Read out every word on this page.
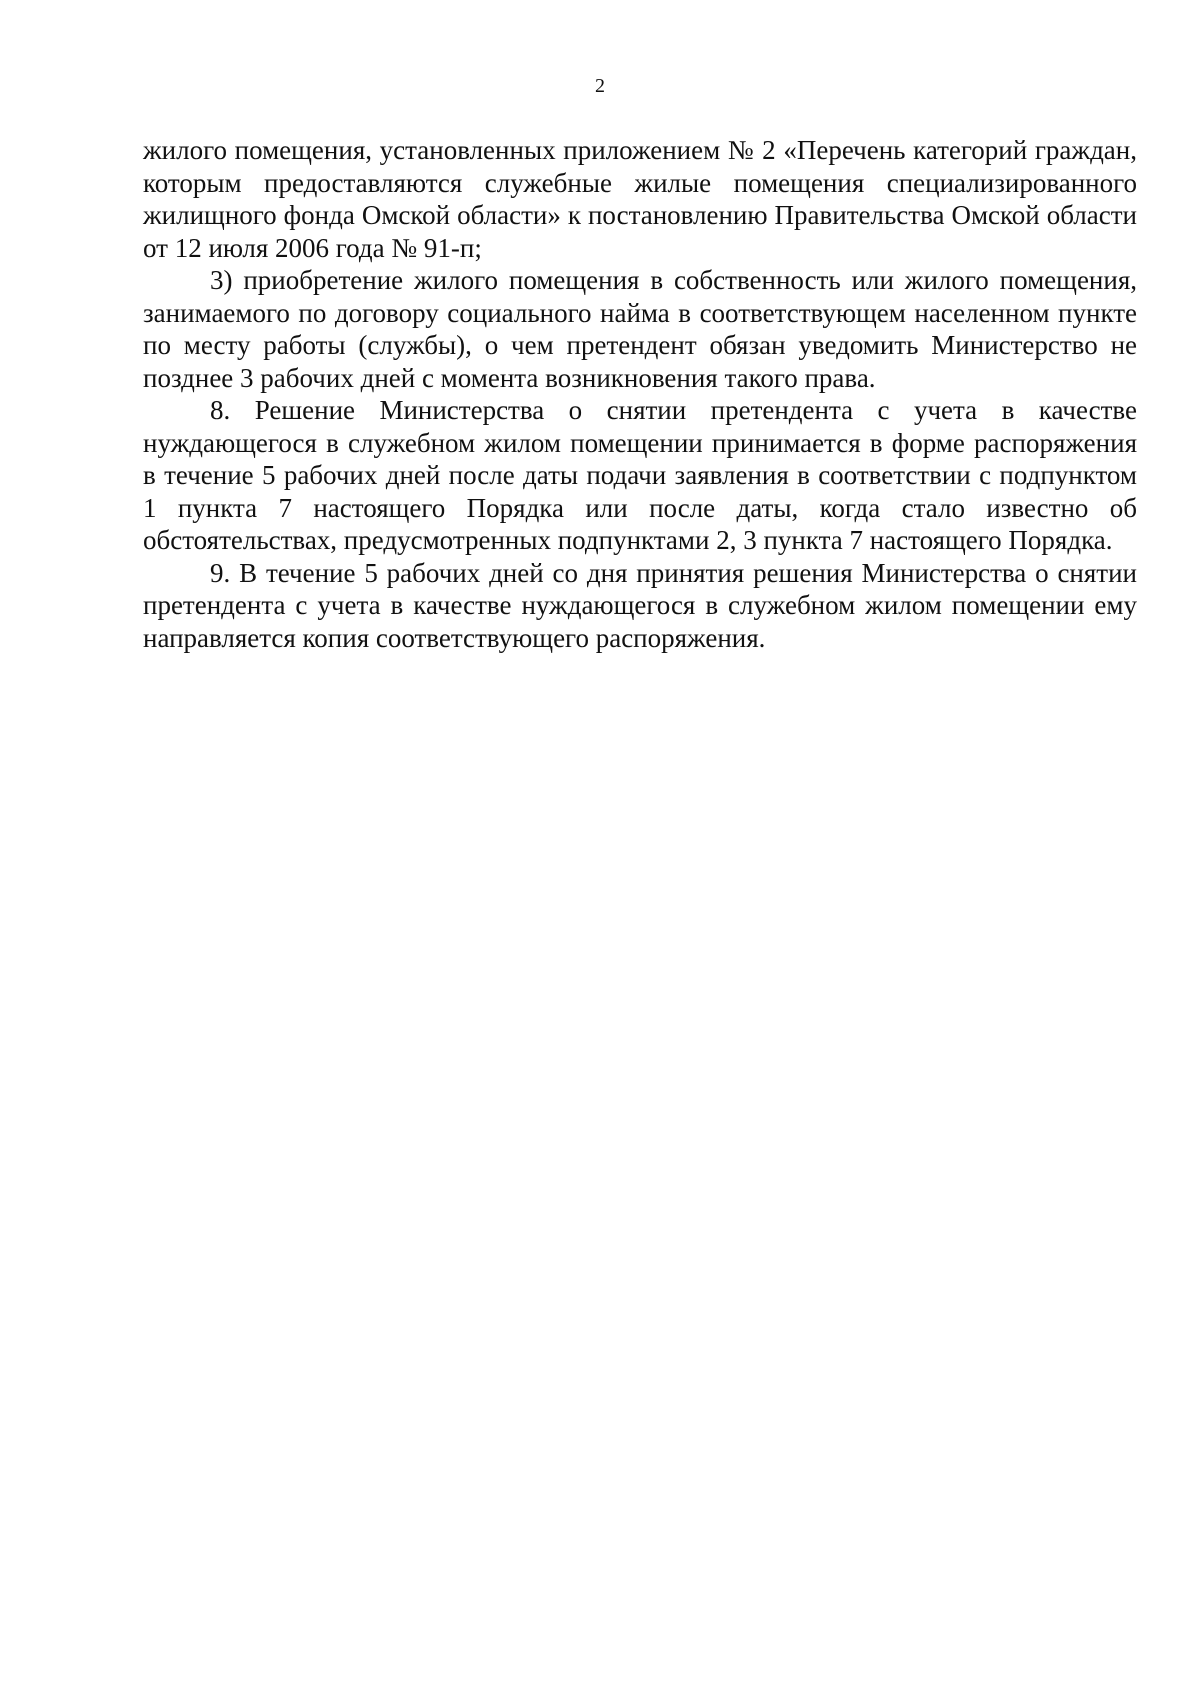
2

жилого помещения, установленных приложением № 2 «Перечень категорий граждан, которым предоставляются служебные жилые помещения специализированного жилищного фонда Омской области» к постановлению Правительства Омской области от 12 июля 2006 года № 91-п;

3) приобретение жилого помещения в собственность или жилого помещения, занимаемого по договору социального найма в соответствующем населенном пункте по месту работы (службы), о чем претендент обязан уведомить Министерство не позднее 3 рабочих дней с момента возникновения такого права.

8. Решение Министерства о снятии претендента с учета в качестве нуждающегося в служебном жилом помещении принимается в форме распоряжения в течение 5 рабочих дней после даты подачи заявления в соответствии с подпунктом 1 пункта 7 настоящего Порядка или после даты, когда стало известно об обстоятельствах, предусмотренных подпунктами 2, 3 пункта 7 настоящего Порядка.

9. В течение 5 рабочих дней со дня принятия решения Министерства о снятии претендента с учета в качестве нуждающегося в служебном жилом помещении ему направляется копия соответствующего распоряжения.
